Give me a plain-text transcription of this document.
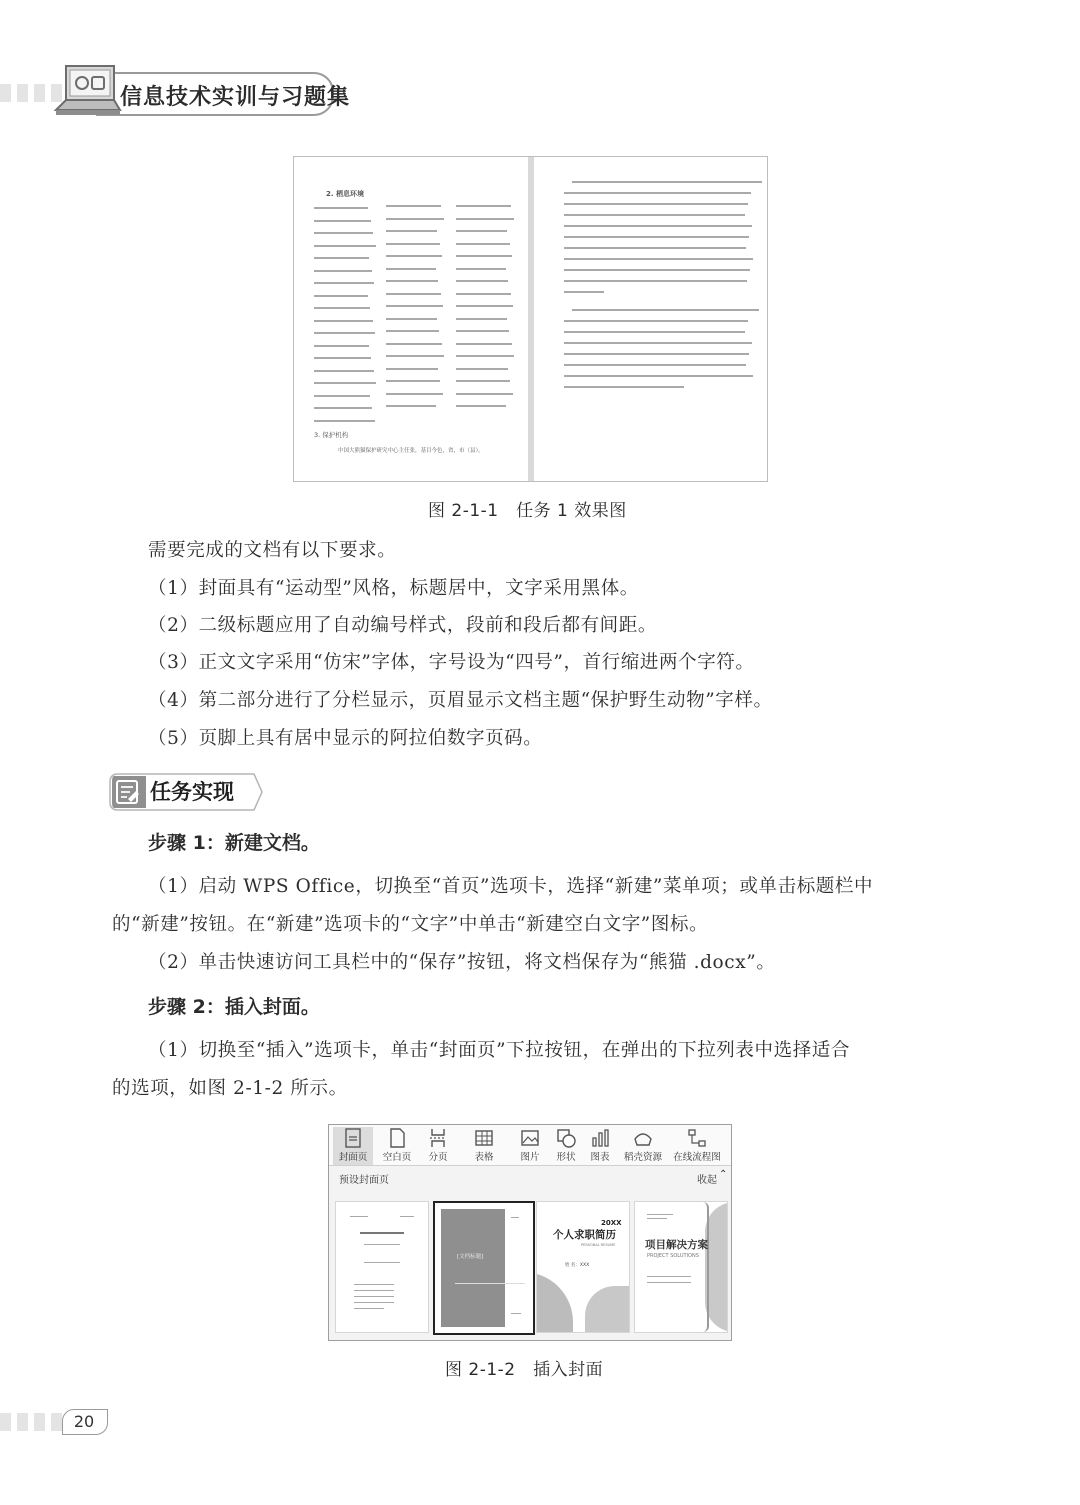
信息技术实训与习题集
2. 栖息环境
3. 保护机构
中国大熊猫保护研究中心主任张，基目今色，省，市（县）。
图 2-1-1　任务 1 效果图
需要完成的文档有以下要求。
（1）封面具有“运动型”风格，标题居中，文字采用黑体。
（2）二级标题应用了自动编号样式，段前和段后都有间距。
（3）正文文字采用“仿宋”字体，字号设为“四号”，首行缩进两个字符。
（4）第二部分进行了分栏显示，页眉显示文档主题“保护野生动物”字样。
（5）页脚上具有居中显示的阿拉伯数字页码。
任务实现
步骤 1：新建文档。
（1）启动 WPS Office，切换至“首页”选项卡，选择“新建”菜单项；或单击标题栏中
的“新建”按钮。在“新建”选项卡的“文字”中单击“新建空白文字”图标。
（2）单击快速访问工具栏中的“保存”按钮，将文档保存为“熊猫 .docx”。
步骤 2：插入封面。
（1）切换至“插入”选项卡，单击“封面页”下拉按钮，在弹出的下拉列表中选择适合
的选项，如图 2-1-2 所示。
封面页	空白页	分页	表格	图片	形状	图表	稻壳资源	在线流程图
预设封面页	收起
⌃
[文档标题]
20XX
个人求职简历
PERSONAL RESUME
姓 名：XXX
项目解决方案
PROJECT SOLUTIONS
图 2-1-2　插入封面
20
